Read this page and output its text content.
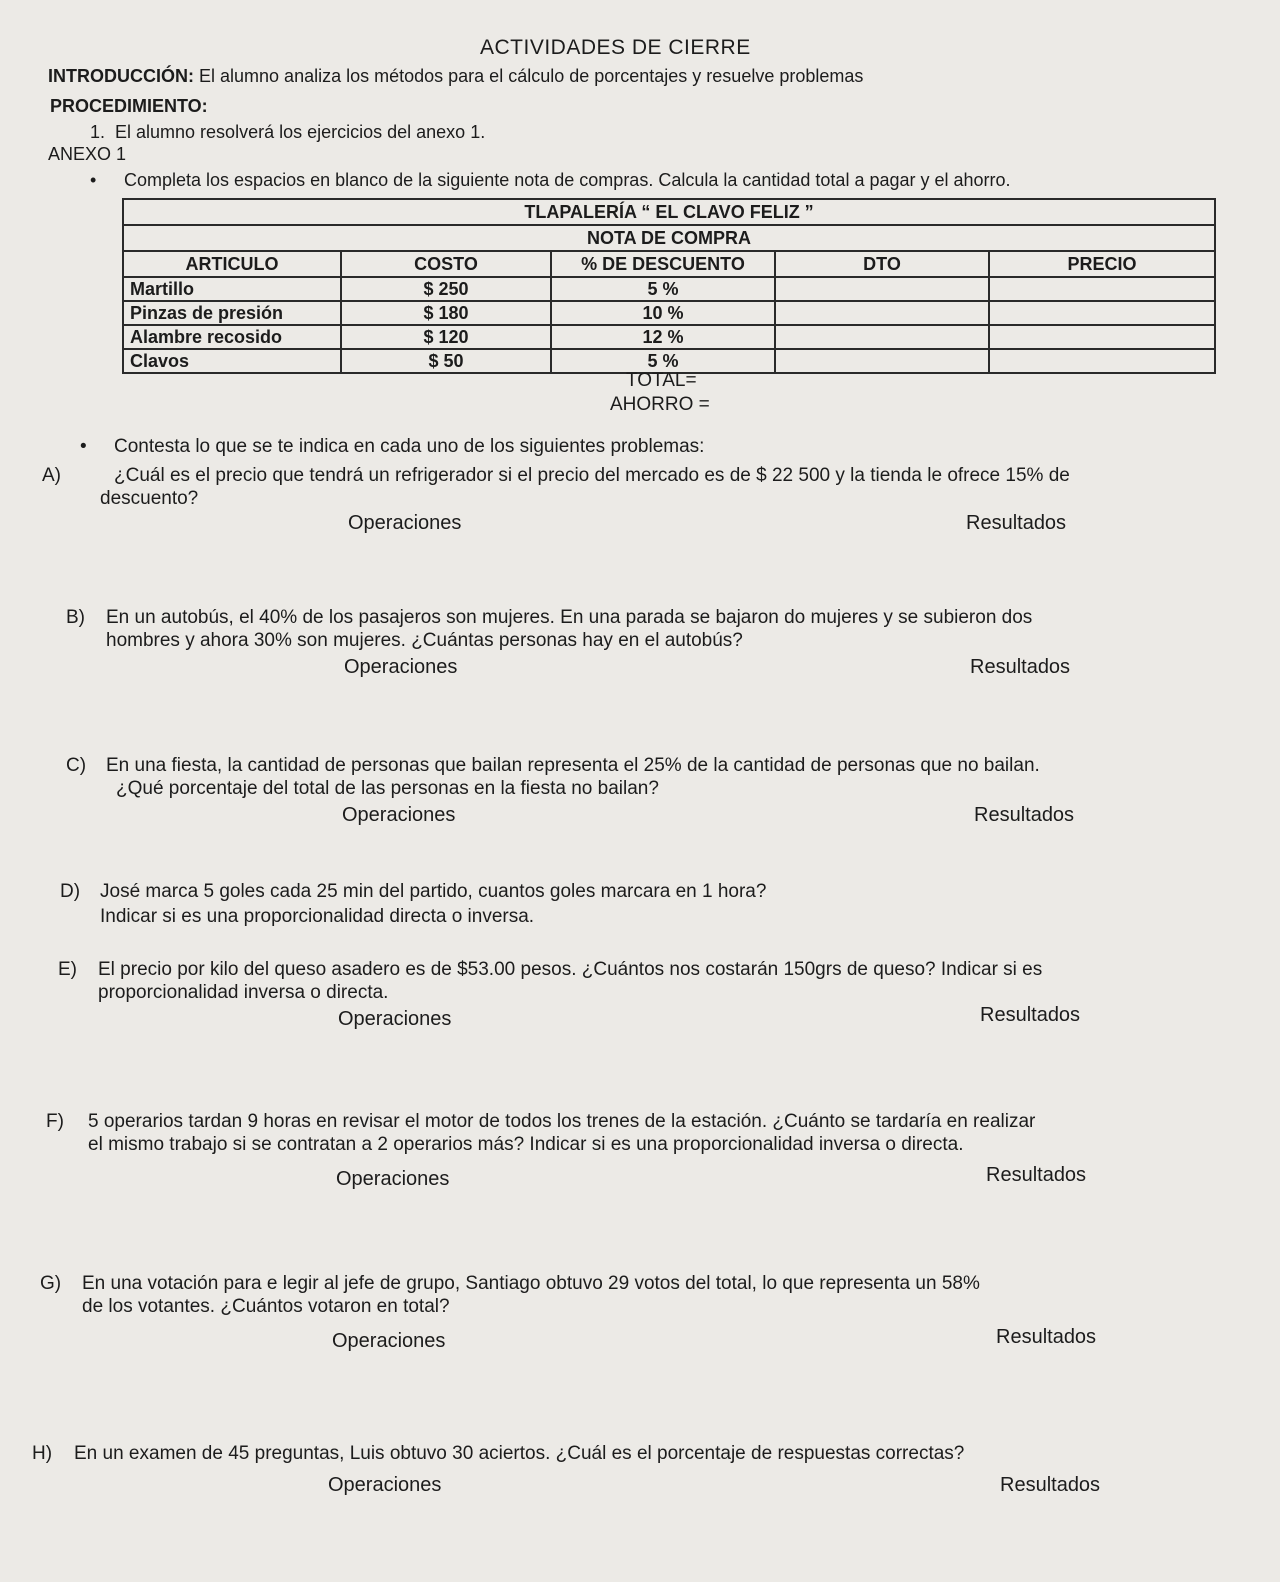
ACTIVIDADES DE CIERRE
INTRODUCCIÓN: El alumno analiza los métodos para el cálculo de porcentajes y resuelve problemas
PROCEDIMIENTO:
1.  El alumno resolverá los ejercicios del anexo 1.
ANEXO 1
• Completa los espacios en blanco de la siguiente nota de compras. Calcula la cantidad total a pagar y el ahorro.
TLAPALERÍA “ EL CLAVO FELIZ ”				
NOTA DE COMPRA				
ARTICULO	COSTO	% DE DESCUENTO	DTO	PRECIO
Martillo	$ 250	5 %		
Pinzas de presión	$ 180	10 %		
Alambre recosido	$ 120	12 %		
Clavos	$ 50	5 %		
TOTAL=
AHORRO =
• Contesta lo que se te indica en cada uno de los siguientes problemas:
A)	¿Cuál es el precio que tendrá un refrigerador si el precio del mercado es de $ 22 500 y la tienda le ofrece 15% de
descuento?
Operaciones	Resultados
B) En un autobús, el 40% de los pasajeros son mujeres. En una parada se bajaron do mujeres y se subieron dos
hombres y ahora 30% son mujeres. ¿Cuántas personas hay en el autobús?
Operaciones	Resultados
C) En una fiesta, la cantidad de personas que bailan representa el 25% de la cantidad de personas que no bailan.
¿Qué porcentaje del total de las personas en la fiesta no bailan?
Operaciones	Resultados
D) José marca 5 goles cada 25 min del partido, cuantos goles marcara en 1 hora?
Indicar si es una proporcionalidad directa o inversa.
E) El precio por kilo del queso asadero es de $53.00 pesos. ¿Cuántos nos costarán 150grs de queso? Indicar si es
proporcionalidad inversa o directa.
Operaciones	Resultados
F) 5 operarios tardan 9 horas en revisar el motor de todos los trenes de la estación. ¿Cuánto se tardaría en realizar
el mismo trabajo si se contratan a 2 operarios más? Indicar si es una proporcionalidad inversa o directa.
Operaciones	Resultados
G) En una votación para e legir al jefe de grupo, Santiago obtuvo 29 votos del total, lo que representa un 58%
de los votantes. ¿Cuántos votaron en total?
Operaciones	Resultados
H) En un examen de 45 preguntas, Luis obtuvo 30 aciertos. ¿Cuál es el porcentaje de respuestas correctas?
Operaciones	Resultados
